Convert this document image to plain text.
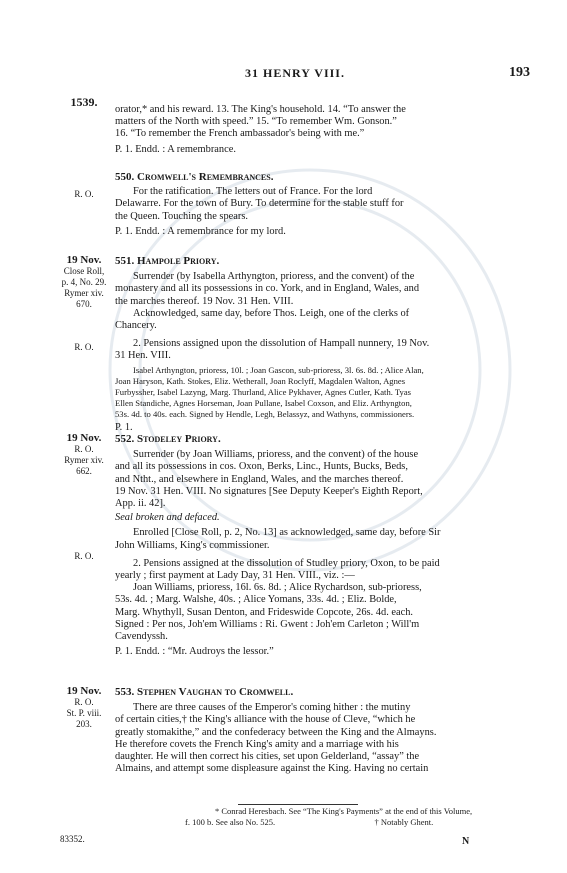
31 HENRY VIII.	193
1539.

orator,* and his reward. 13. The King's household. 14. “To answer the

matters of the North with speed.” 15. “To remember Wm. Gonson.”

16. “To remember the French ambassador's being with me.”

P. 1. Endd. : A remembrance.

550. Cromwell's Remembrances.

For the ratification. The letters out of France. For the lord

Delawarre. For the town of Bury. To determine for the stable stuff for

the Queen. Touching the spears.

P. 1. Endd. : A remembrance for my lord.

R. O.
19 Nov.
Close Roll,
p. 4, No. 29.
Rymer xiv.
670.

551. Hampole Priory.

Surrender (by Isabella Arthyngton, prioress, and the convent) of the

monastery and all its possessions in co. York, and in England, Wales, and

the marches thereof. 19 Nov. 31 Hen. VIII.

Acknowledged, same day, before Thos. Leigh, one of the clerks of

Chancery.

2. Pensions assigned upon the dissolution of Hampall nunnery, 19 Nov.

31 Hen. VIII.

Isabel Arthyngton, prioress, 10l. ; Joan Gascon, sub-prioress, 3l. 6s. 8d. ; Alice Alan,

Joan Haryson, Kath. Stokes, Eliz. Wetherall, Joan Roclyff, Magdalen Walton, Agnes

Furbyssher, Isabel Lazyng, Marg. Thurland, Alice Pykhaver, Agnes Cutler, Kath. Tyas

Ellen Standiche, Agnes Horseman, Joan Pullane, Isabel Coxson, and Eliz. Arthyngton,

53s. 4d. to 40s. each. Signed by Hendle, Legh, Belassyz, and Wathyns, commissioners.

P. 1.

R. O.
19 Nov.
R. O.
Rymer xiv.
662.

552. Stodeley Priory.

Surrender (by Joan Williams, prioress, and the convent) of the house

and all its possessions in cos. Oxon, Berks, Linc., Hunts, Bucks, Beds,

and Ntht., and elsewhere in England, Wales, and the marches thereof.

19 Nov. 31 Hen. VIII. No signatures [See Deputy Keeper's Eighth Report,

App. ii. 42].

Seal broken and defaced.

Enrolled [Close Roll, p. 2, No. 13] as acknowledged, same day, before Sir

John Williams, King's commissioner.

2. Pensions assigned at the dissolution of Studley priory, Oxon, to be paid

yearly ; first payment at Lady Day, 31 Hen. VIII., viz. :—

Joan Williams, prioress, 16l. 6s. 8d. ; Alice Rychardson, sub-prioress,

53s. 4d. ; Marg. Walshe, 40s. ; Alice Yomans, 33s. 4d. ; Eliz. Bolde,

Marg. Whythyll, Susan Denton, and Frideswide Copcote, 26s. 4d. each.

Signed : Per nos, Joh'em Williams : Ri. Gwent : Joh'em Carleton ; Will'm

Cavendyssh.

P. 1. Endd. : “Mr. Audroys the lessor.”

R. O.
19 Nov.
R. O.
St. P. viii.
203.

553. Stephen Vaughan to Cromwell.

There are three causes of the Emperor's coming hither : the mutiny

of certain cities,† the King's alliance with the house of Cleve, “which he

greatly stomakithe,” and the confederacy between the King and the Almayns.

He therefore covets the French King's amity and a marriage with his

daughter. He will then correct his cities, set upon Gelderland, “assay” the

Almains, and attempt some displeasure against the King. Having no certain

* Conrad Heresbach. See “The King's Payments” at the end of this Volume,

f. 100 b. See also No. 525.	† Notably Ghent.

83352.	N
